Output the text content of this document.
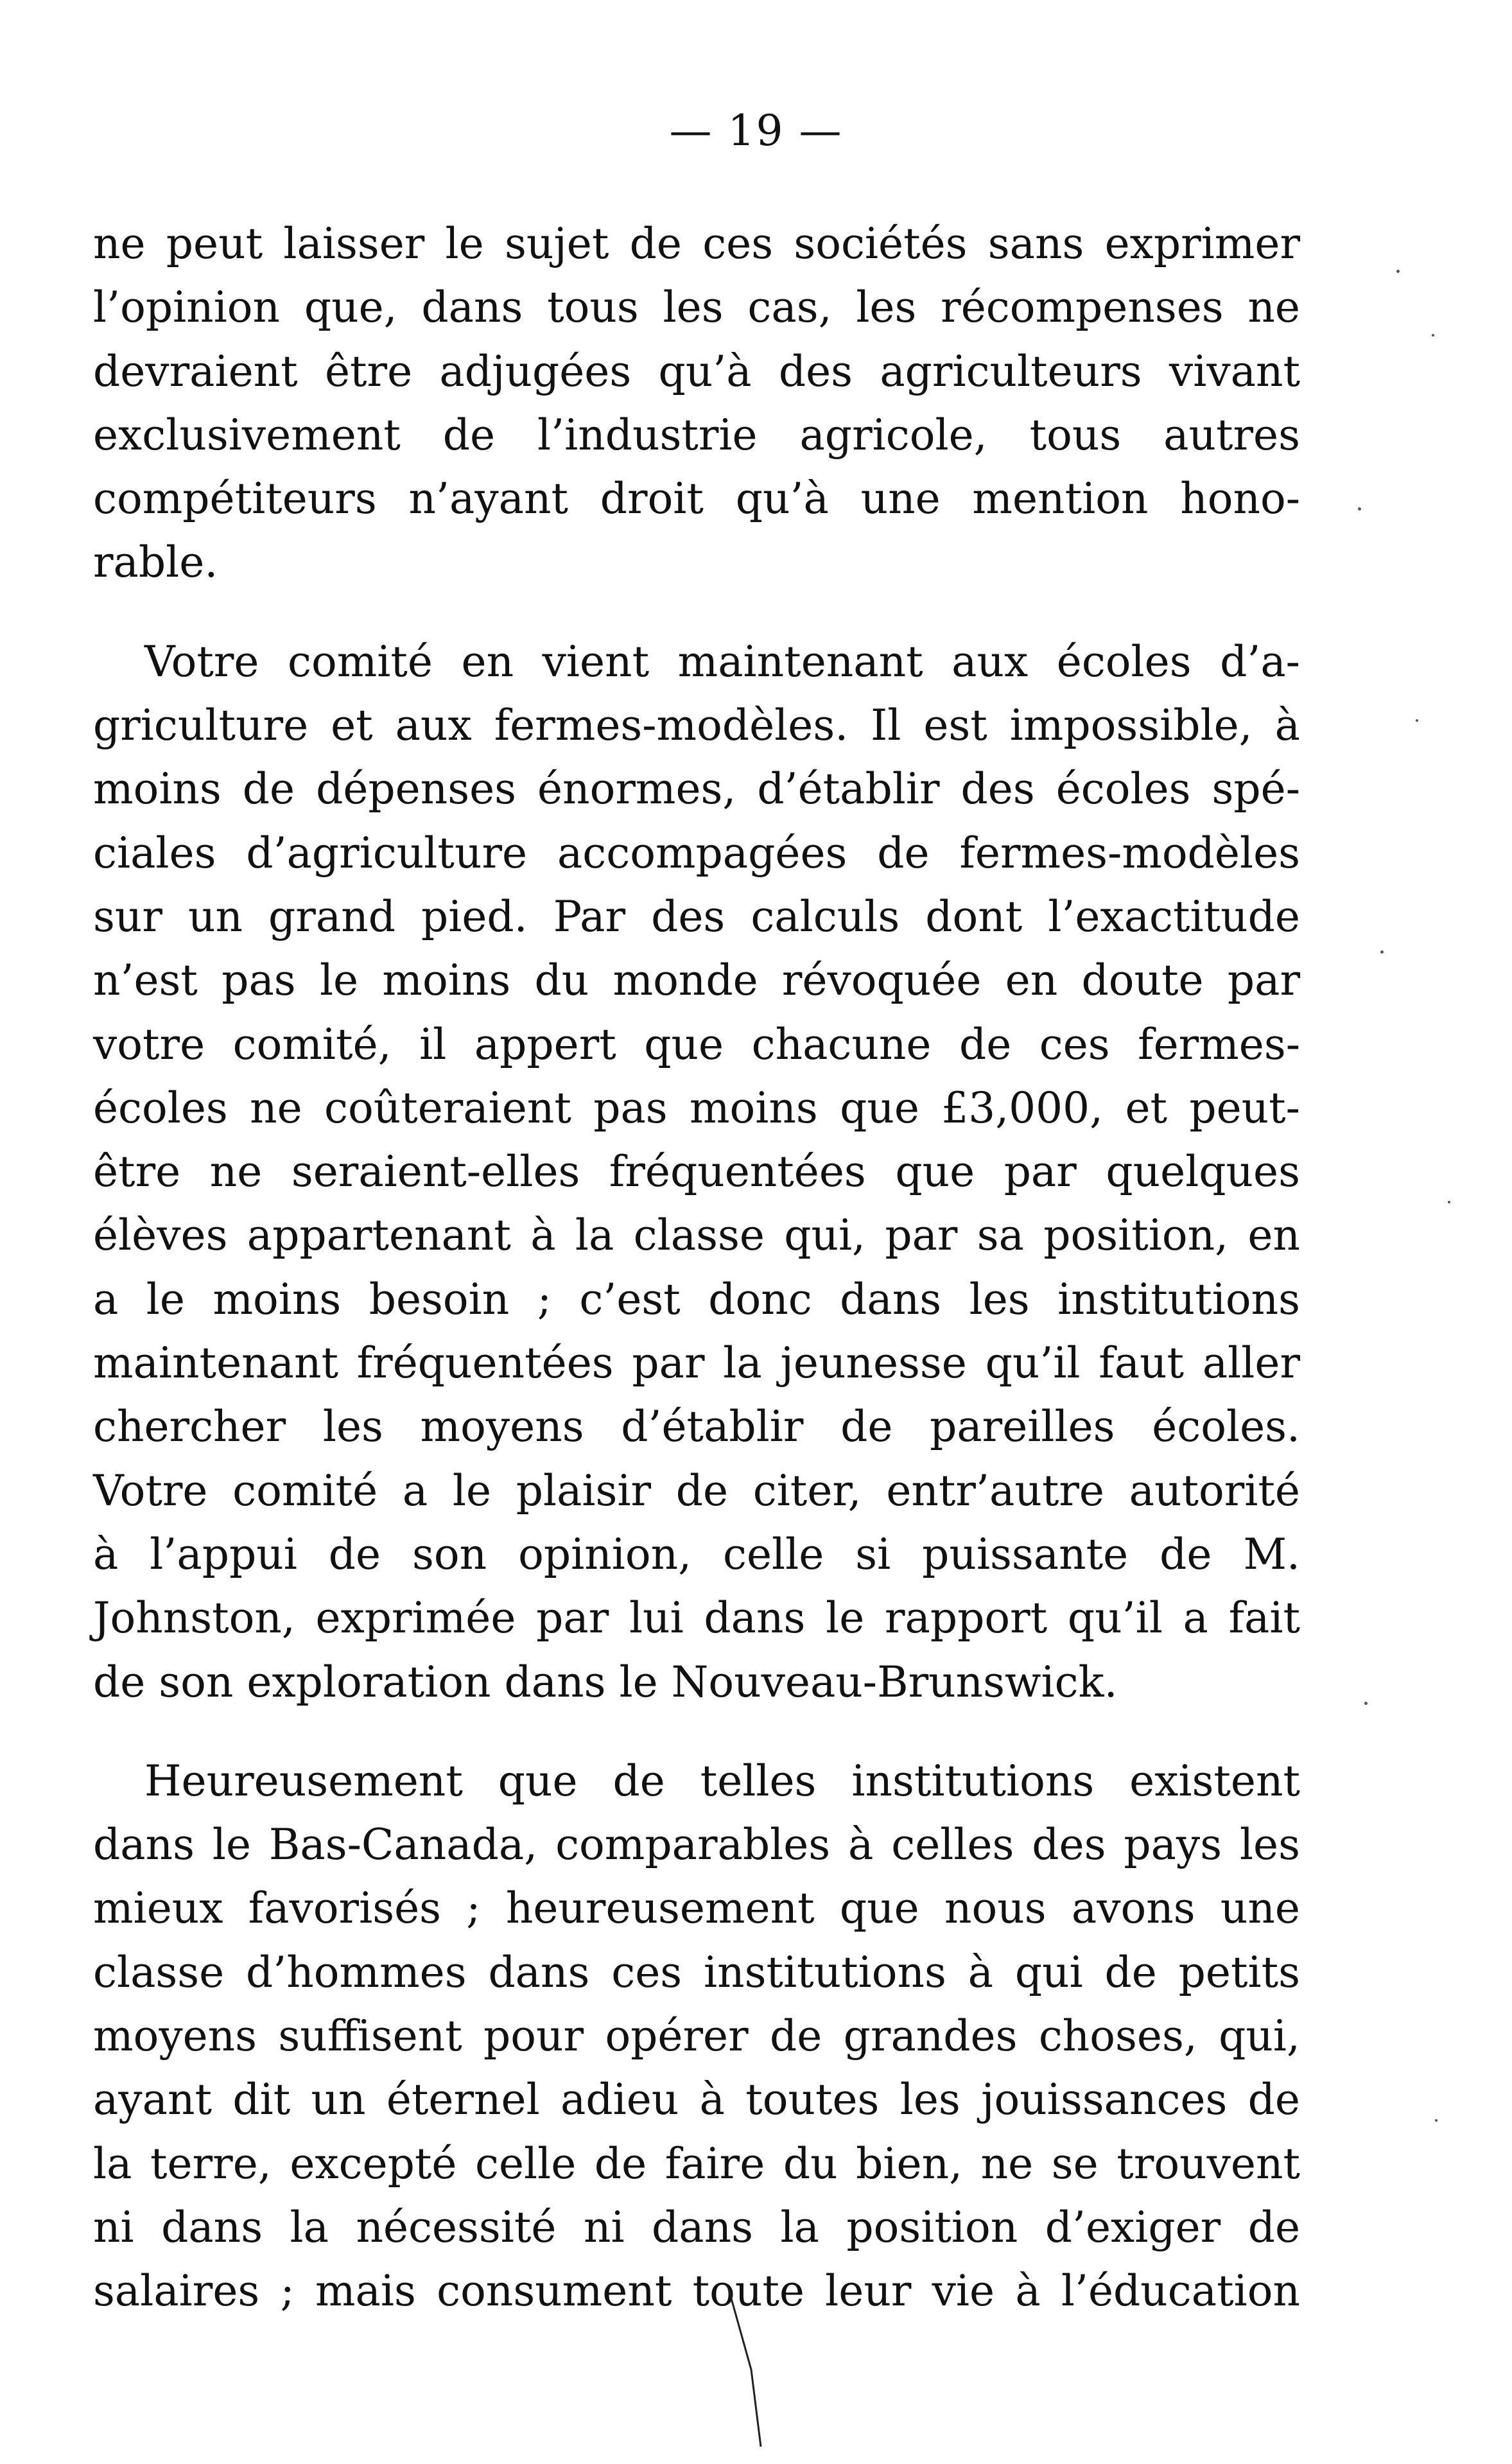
— 19 —
ne peut laisser le sujet de ces sociétés sans exprimer
l’opinion que, dans tous les cas, les récompenses ne
devraient être adjugées qu’à des agriculteurs vivant
exclusivement de l’industrie agricole, tous autres
compétiteurs n’ayant droit qu’à une mention hono-
rable.
Votre comité en vient maintenant aux écoles d’a-
griculture et aux fermes-modèles. Il est impossible, à
moins de dépenses énormes, d’établir des écoles spé-
ciales d’agriculture accompagées de fermes-modèles
sur un grand pied. Par des calculs dont l’exactitude
n’est pas le moins du monde révoquée en doute par
votre comité, il appert que chacune de ces fermes-
écoles ne coûteraient pas moins que £3,000, et peut-
être ne seraient-elles fréquentées que par quelques
élèves appartenant à la classe qui, par sa position, en
a le moins besoin ; c’est donc dans les institutions
maintenant fréquentées par la jeunesse qu’il faut aller
chercher les moyens d’établir de pareilles écoles.
Votre comité a le plaisir de citer, entr’autre autorité
à l’appui de son opinion, celle si puissante de M.
Johnston, exprimée par lui dans le rapport qu’il a fait
de son exploration dans le Nouveau-Brunswick.
Heureusement que de telles institutions existent
dans le Bas-Canada, comparables à celles des pays les
mieux favorisés ; heureusement que nous avons une
classe d’hommes dans ces institutions à qui de petits
moyens suffisent pour opérer de grandes choses, qui,
ayant dit un éternel adieu à toutes les jouissances de
la terre, excepté celle de faire du bien, ne se trouvent
ni dans la nécessité ni dans la position d’exiger de
salaires ; mais consument toute leur vie à l’éducation
